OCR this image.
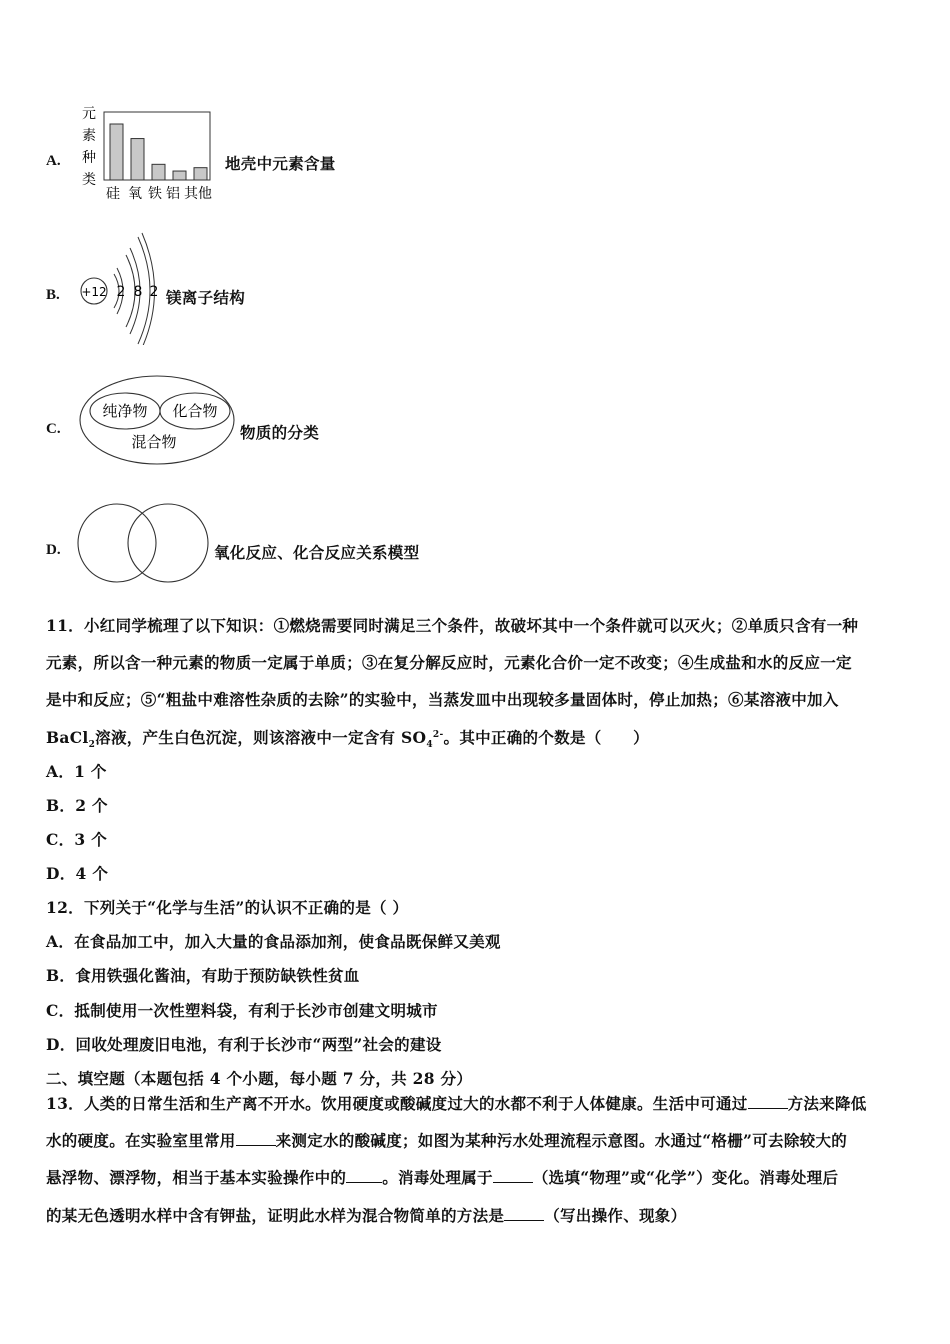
A.
元
素
种
类
硅 氧 铁 铝 其他
地壳中元素含量
B. +12 2 8 2 镁离子结构
C.
纯净物 化合物
混合物	物质的分类
D.	氧化反应、化合反应关系模型
11．小红同学梳理了以下知识：①燃烧需要同时满足三个条件，故破坏其中一个条件就可以灭火；②单质只含有一种
元素，所以含一种元素的物质一定属于单质；③在复分解反应时，元素化合价一定不改变；④生成盐和水的反应一定
是中和反应；⑤“粗盐中难溶性杂质的去除”的实验中，当蒸发皿中出现较多量固体时，停止加热；⑥某溶液中加入
BaCl$_2$溶液，产生白色沉淀，则该溶液中一定含有 $SO_4^{2-}$。其中正确的个数是（　　）
A．1 个
B．2 个
C．3 个
D．4 个
12．下列关于“化学与生活”的认识不正确的是（ ）
A．在食品加工中，加入大量的食品添加剂，使食品既保鲜又美观
B．食用铁强化酱油，有助于预防缺铁性贫血
C．抵制使用一次性塑料袋，有利于长沙市创建文明城市
D．回收处理废旧电池，有利于长沙市“两型”社会的建设
二、填空题（本题包括 4 个小题，每小题 7 分，共 28 分）
13．人类的日常生活和生产离不开水。饮用硬度或酸碱度过大的水都不利于人体健康。生活中可通过	方法来降低
水的硬度。在实验室里常用	来测定水的酸碱度；如图为某种污水处理流程示意图。水通过“格栅”可去除较大的
悬浮物、漂浮物，相当于基本实验操作中的 。消毒处理属于	（选填“物理”或“化学”）变化。消毒处理后
的某无色透明水样中含有钾盐，证明此水样为混合物简单的方法是	（写出操作、现象）
